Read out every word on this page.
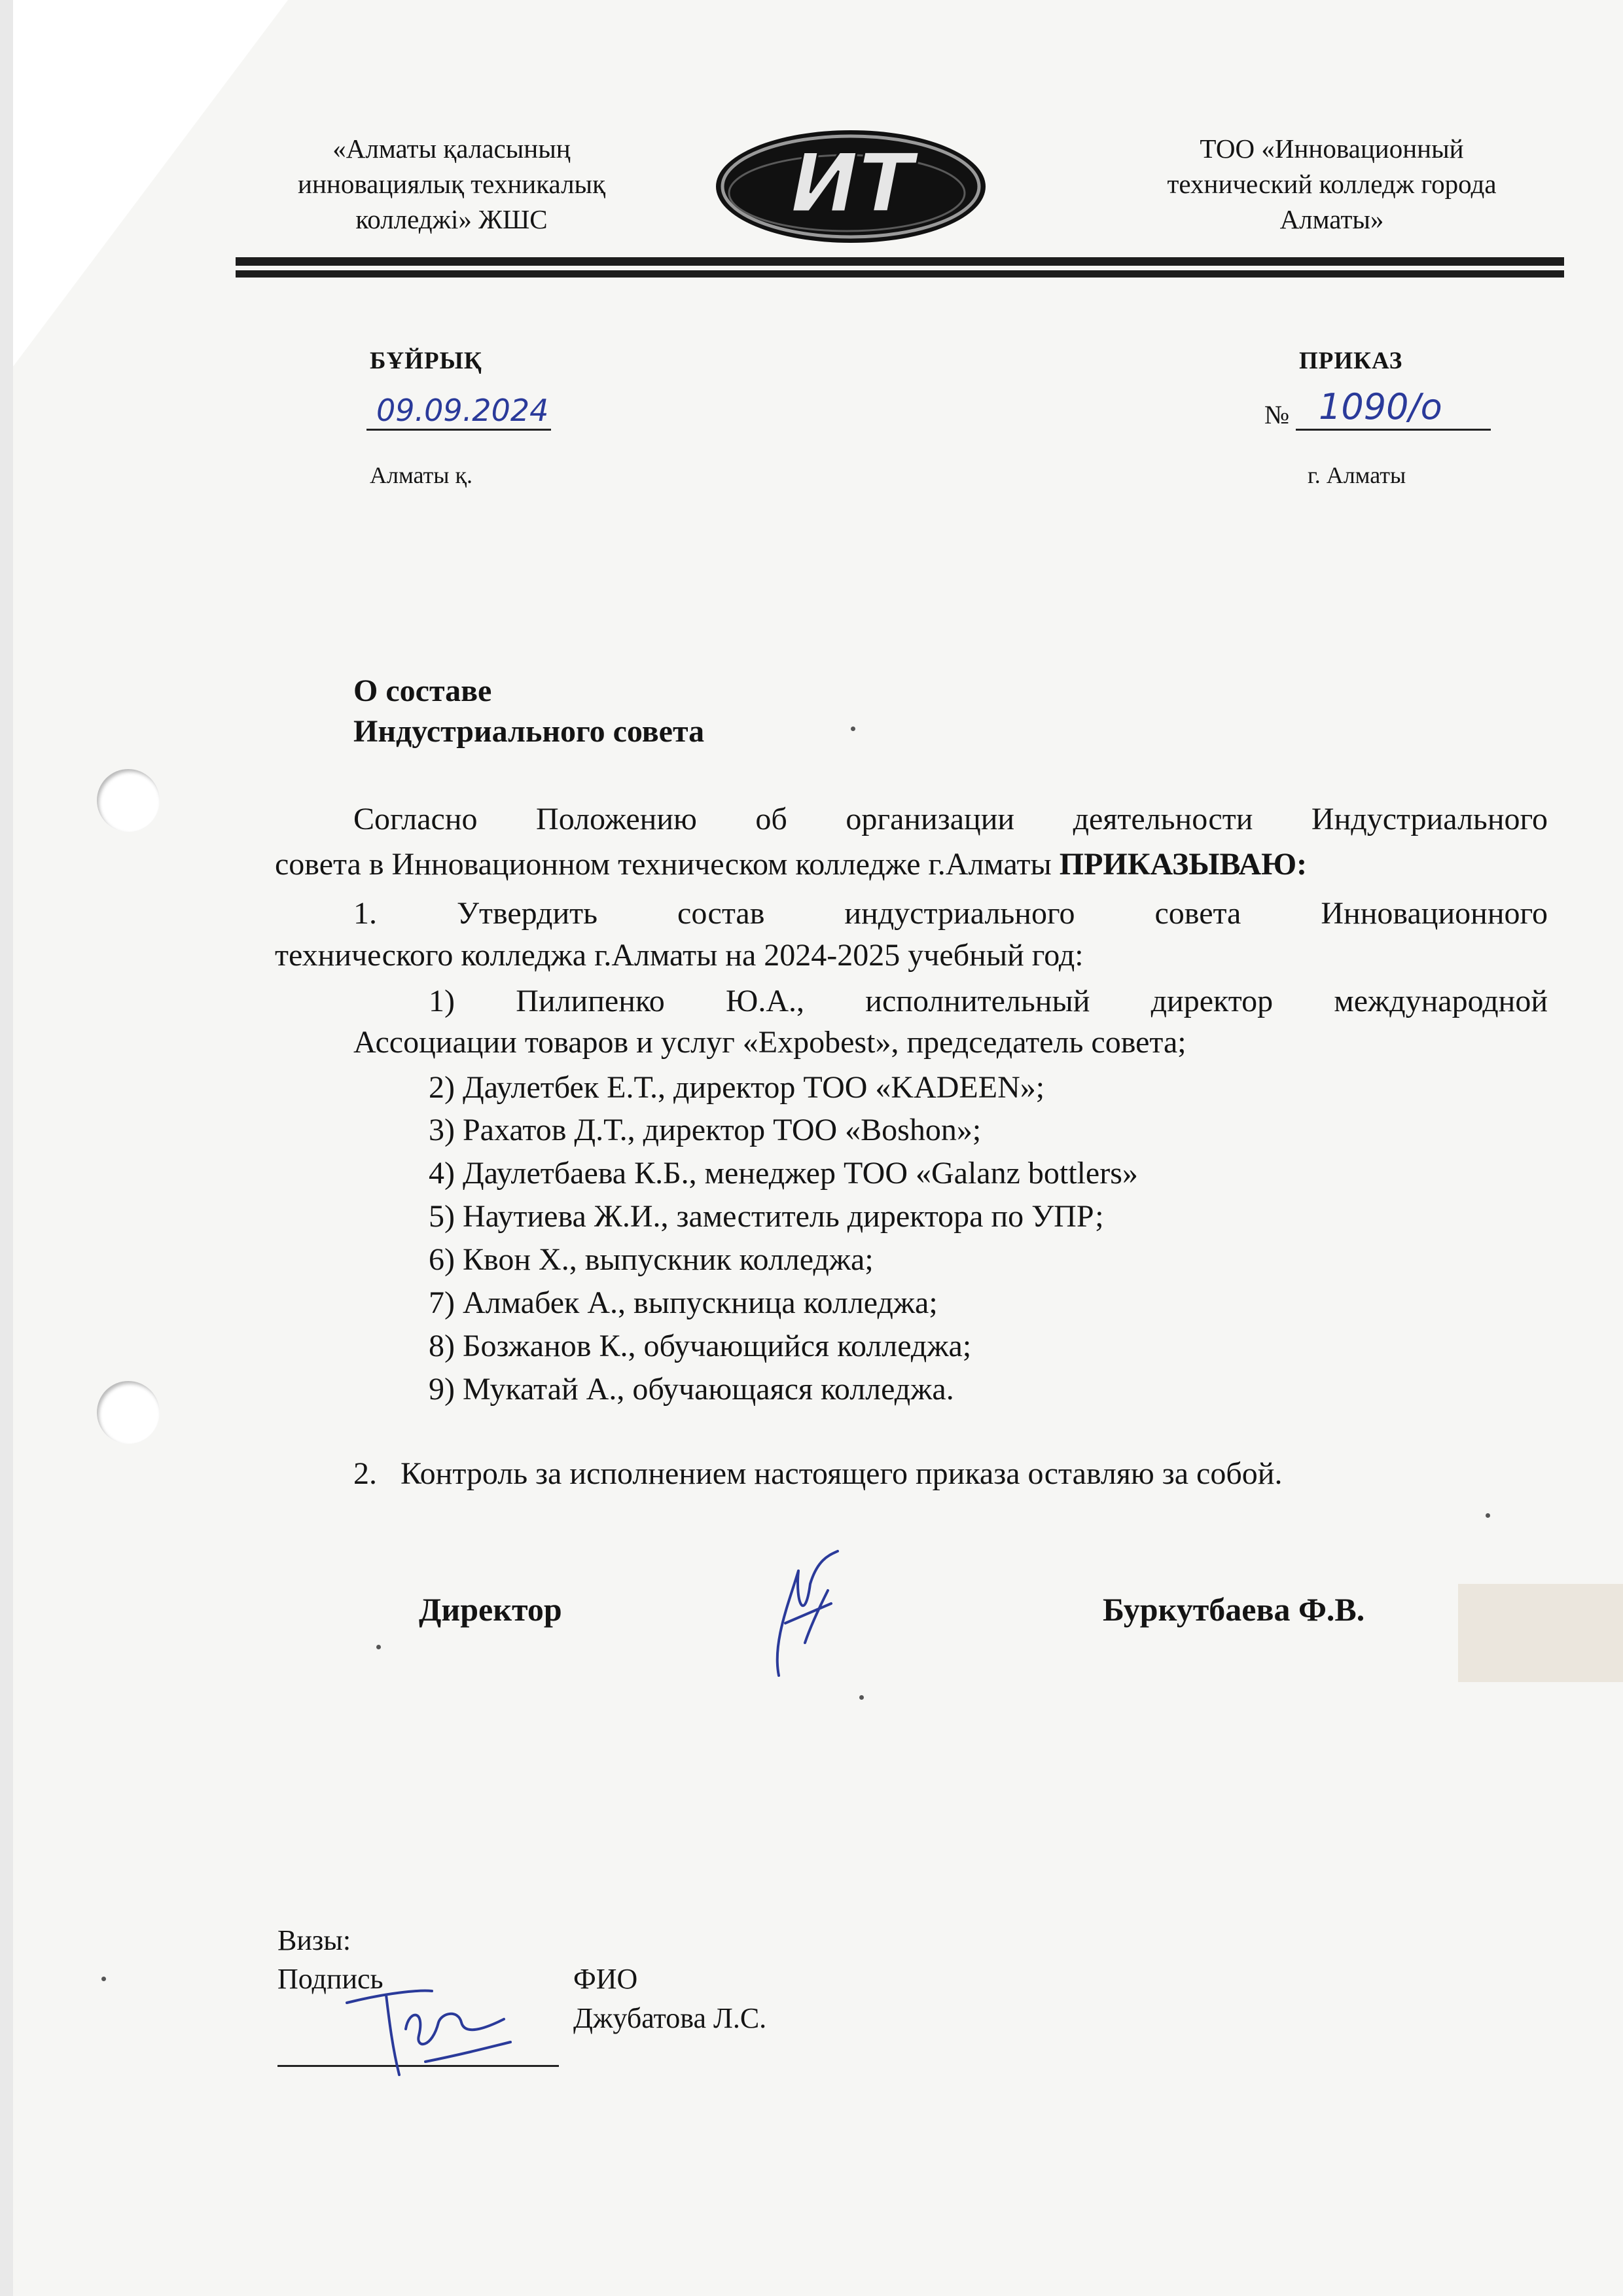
«Алматы қаласының
инновациялық техникалық
колледжі» ЖШС	ИТ	ТОО «Инновационный
технический колледж города
Алматы»
БҰЙРЫҚ	ПРИКАЗ
09.09.2024	№ 1090/o
Алматы қ.	г. Алматы
О составе
Индустриального совета
Согласно Положению об организации деятельности Индустриального
совета в Инновационном техническом колледже г.Алматы ПРИКАЗЫВАЮ:
1. Утвердить состав индустриального совета Инновационного
технического колледжа г.Алматы на 2024-2025 учебный год:
1) Пилипенко Ю.А., исполнительный директор международной
Ассоциации товаров и услуг «Expobest», председатель совета;
2) Даулетбек Е.Т., директор ТОО «KADEEN»;
3) Рахатов Д.Т., директор ТОО «Boshon»;
4) Даулетбаева К.Б., менеджер ТОО «Galanz bottlers»
5) Наутиева Ж.И., заместитель директора по УПР;
6) Квон Х., выпускник колледжа;
7) Алмабек А., выпускница колледжа;
8) Бозжанов К., обучающийся колледжа;
9) Мукатай А., обучающаяся колледжа.
2.   Контроль за исполнением настоящего приказа оставляю за собой.
Директор	Буркутбаева Ф.В.
Визы:
Подпись	ФИО
Джубатова Л.С.
